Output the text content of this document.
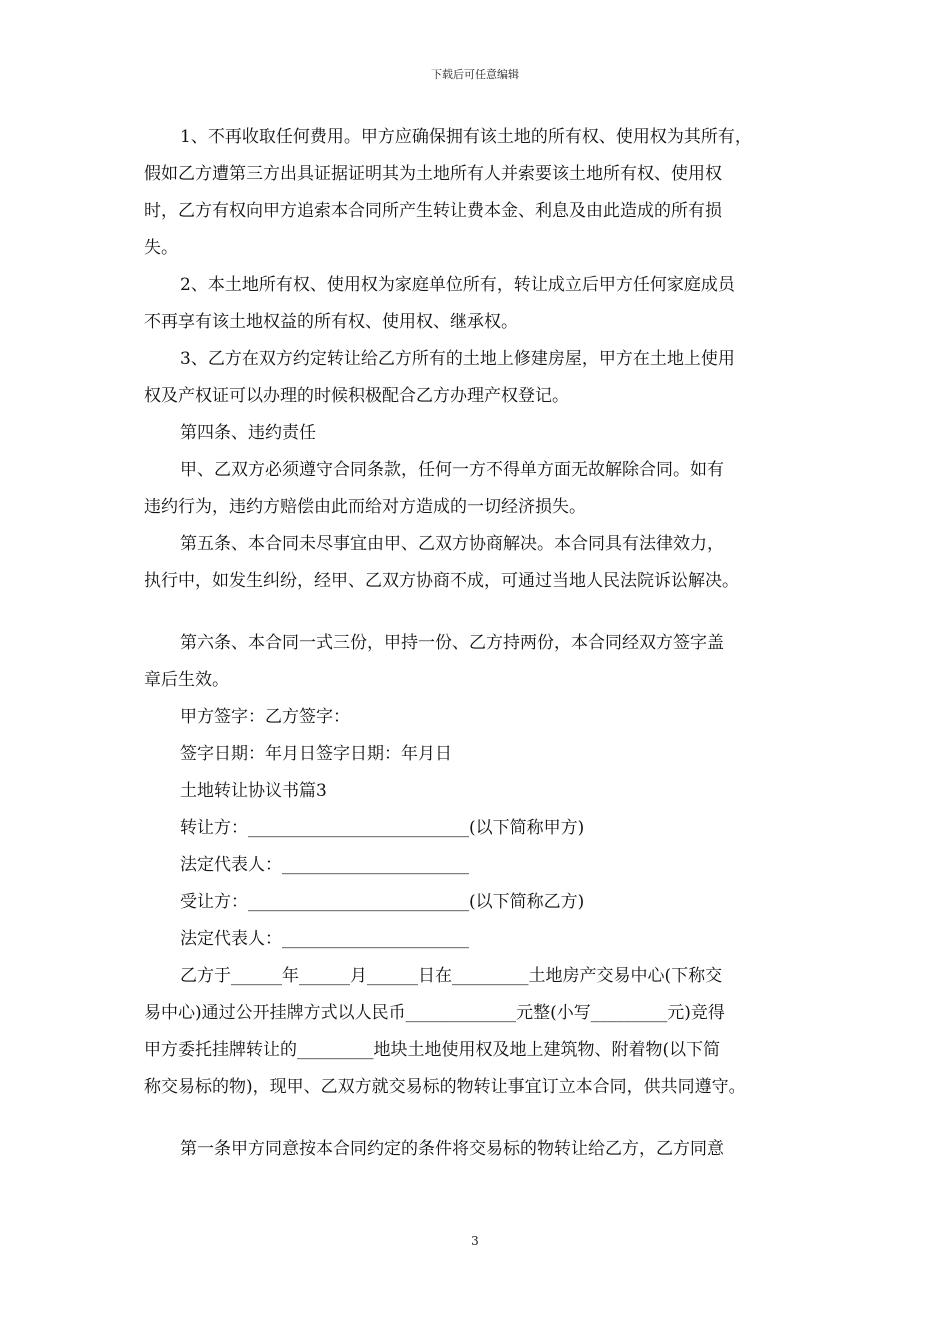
下载后可任意编辑
1、不再收取任何费用。甲方应确保拥有该土地的所有权、使用权为其所有，
假如乙方遭第三方出具证据证明其为土地所有人并索要该土地所有权、使用权
时，乙方有权向甲方追索本合同所产生转让费本金、利息及由此造成的所有损
失。
2、本土地所有权、使用权为家庭单位所有，转让成立后甲方任何家庭成员
不再享有该土地权益的所有权、使用权、继承权。
3、乙方在双方约定转让给乙方所有的土地上修建房屋，甲方在土地上使用
权及产权证可以办理的时候积极配合乙方办理产权登记。
第四条、违约责任
甲、乙双方必须遵守合同条款，任何一方不得单方面无故解除合同。如有
违约行为，违约方赔偿由此而给对方造成的一切经济损失。
第五条、本合同未尽事宜由甲、乙双方协商解决。本合同具有法律效力，
执行中，如发生纠纷，经甲、乙双方协商不成，可通过当地人民法院诉讼解决。
第六条、本合同一式三份，甲持一份、乙方持两份，本合同经双方签字盖
章后生效。
甲方签字：乙方签字：
签字日期：年月日签字日期：年月日
土地转让协议书篇3
转让方：__________________________(以下简称甲方)
法定代表人：______________________
受让方：__________________________(以下简称乙方)
法定代表人：______________________
乙方于______年______月______日在_________土地房产交易中心(下称交
易中心)通过公开挂牌方式以人民币_____________元整(小写_________元)竞得
甲方委托挂牌转让的_________地块土地使用权及地上建筑物、附着物(以下简
称交易标的物)，现甲、乙双方就交易标的物转让事宜订立本合同，供共同遵守。
第一条甲方同意按本合同约定的条件将交易标的物转让给乙方，乙方同意
3
